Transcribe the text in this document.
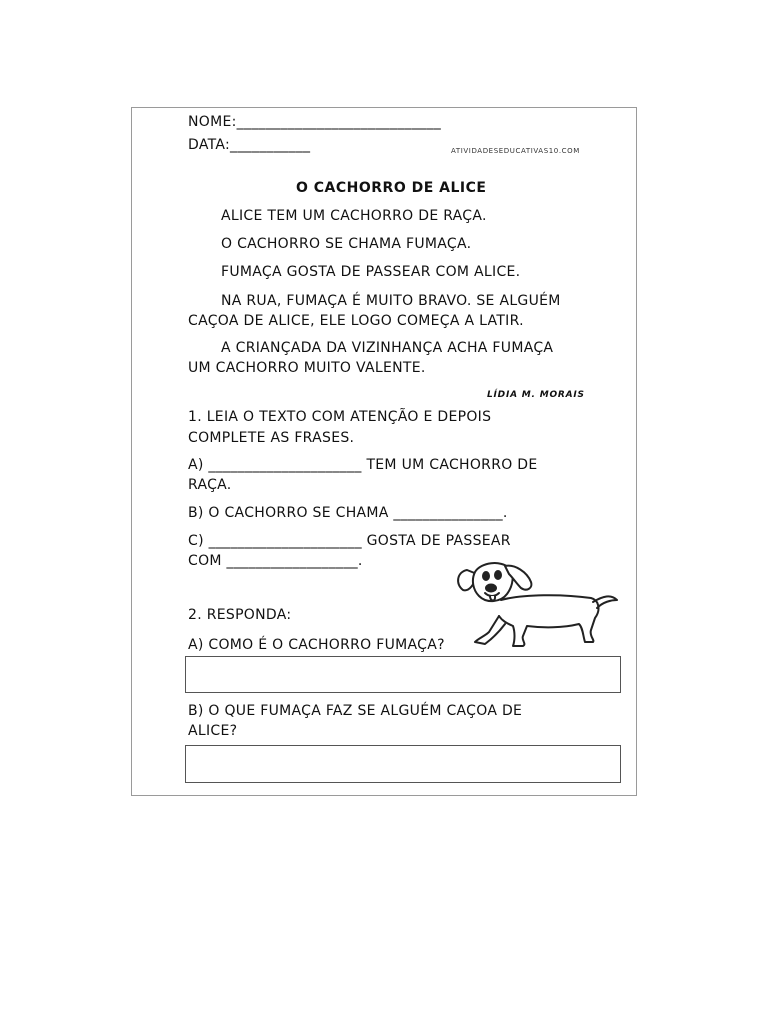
NOME:____________________________
DATA:___________	ATIVIDADESEDUCATIVAS10.COM
O CACHORRO DE ALICE
ALICE TEM UM CACHORRO DE RAÇA.
O CACHORRO SE CHAMA FUMAÇA.
FUMAÇA GOSTA DE PASSEAR COM ALICE.
NA RUA, FUMAÇA É MUITO BRAVO. SE ALGUÉM
CAÇOA DE ALICE, ELE LOGO COMEÇA A LATIR.
A CRIANÇADA DA VIZINHANÇA ACHA FUMAÇA
UM CACHORRO MUITO VALENTE.
LÍDIA M. MORAIS
1. LEIA O TEXTO COM ATENÇÃO E DEPOIS
COMPLETE AS FRASES.
A) _____________________ TEM UM CACHORRO DE
RAÇA.
B) O CACHORRO SE CHAMA _______________.
C) _____________________ GOSTA DE PASSEAR
COM __________________.
2. RESPONDA:
A) COMO É O CACHORRO FUMAÇA?
B) O QUE FUMAÇA FAZ SE ALGUÉM CAÇOA DE
ALICE?
